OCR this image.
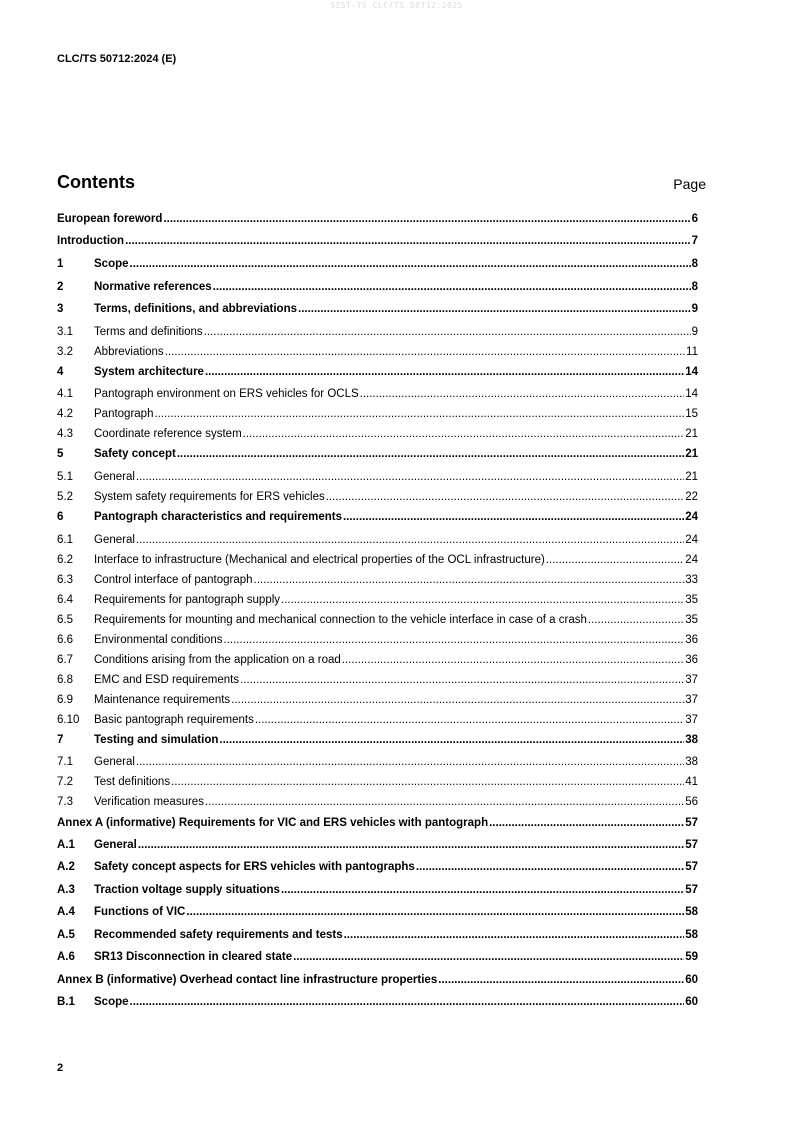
SIST-TS CLC/TS 50712:2025
CLC/TS 50712:2024 (E)
Contents	Page
European foreword .....	6
Introduction .....	7
1	Scope .....	8
2	Normative references .....	8
3	Terms, definitions, and abbreviations .....	9
3.1	Terms and definitions .....	9
3.2	Abbreviations .....	11
4	System architecture .....	14
4.1	Pantograph environment on ERS vehicles for OCLS .....	14
4.2	Pantograph .....	15
4.3	Coordinate reference system .....	21
5	Safety concept .....	21
5.1	General .....	21
5.2	System safety requirements for ERS vehicles .....	22
6	Pantograph characteristics and requirements .....	24
6.1	General .....	24
6.2	Interface to infrastructure (Mechanical and electrical properties of the OCL infrastructure) .....	24
6.3	Control interface of pantograph .....	33
6.4	Requirements for pantograph supply .....	35
6.5	Requirements for mounting and mechanical connection to the vehicle interface in case of a crash .....	35
6.6	Environmental conditions .....	36
6.7	Conditions arising from the application on a road .....	36
6.8	EMC and ESD requirements .....	37
6.9	Maintenance requirements .....	37
6.10	Basic pantograph requirements .....	37
7	Testing and simulation .....	38
7.1	General .....	38
7.2	Test definitions .....	41
7.3	Verification measures .....	56
Annex A (informative) Requirements for VIC and ERS vehicles with pantograph .....	57
A.1	General .....	57
A.2	Safety concept aspects for ERS vehicles with pantographs .....	57
A.3	Traction voltage supply situations .....	57
A.4	Functions of VIC .....	58
A.5	Recommended safety requirements and tests .....	58
A.6	SR13 Disconnection in cleared state .....	59
Annex B (informative) Overhead contact line infrastructure properties .....	60
B.1	Scope .....	60
2
